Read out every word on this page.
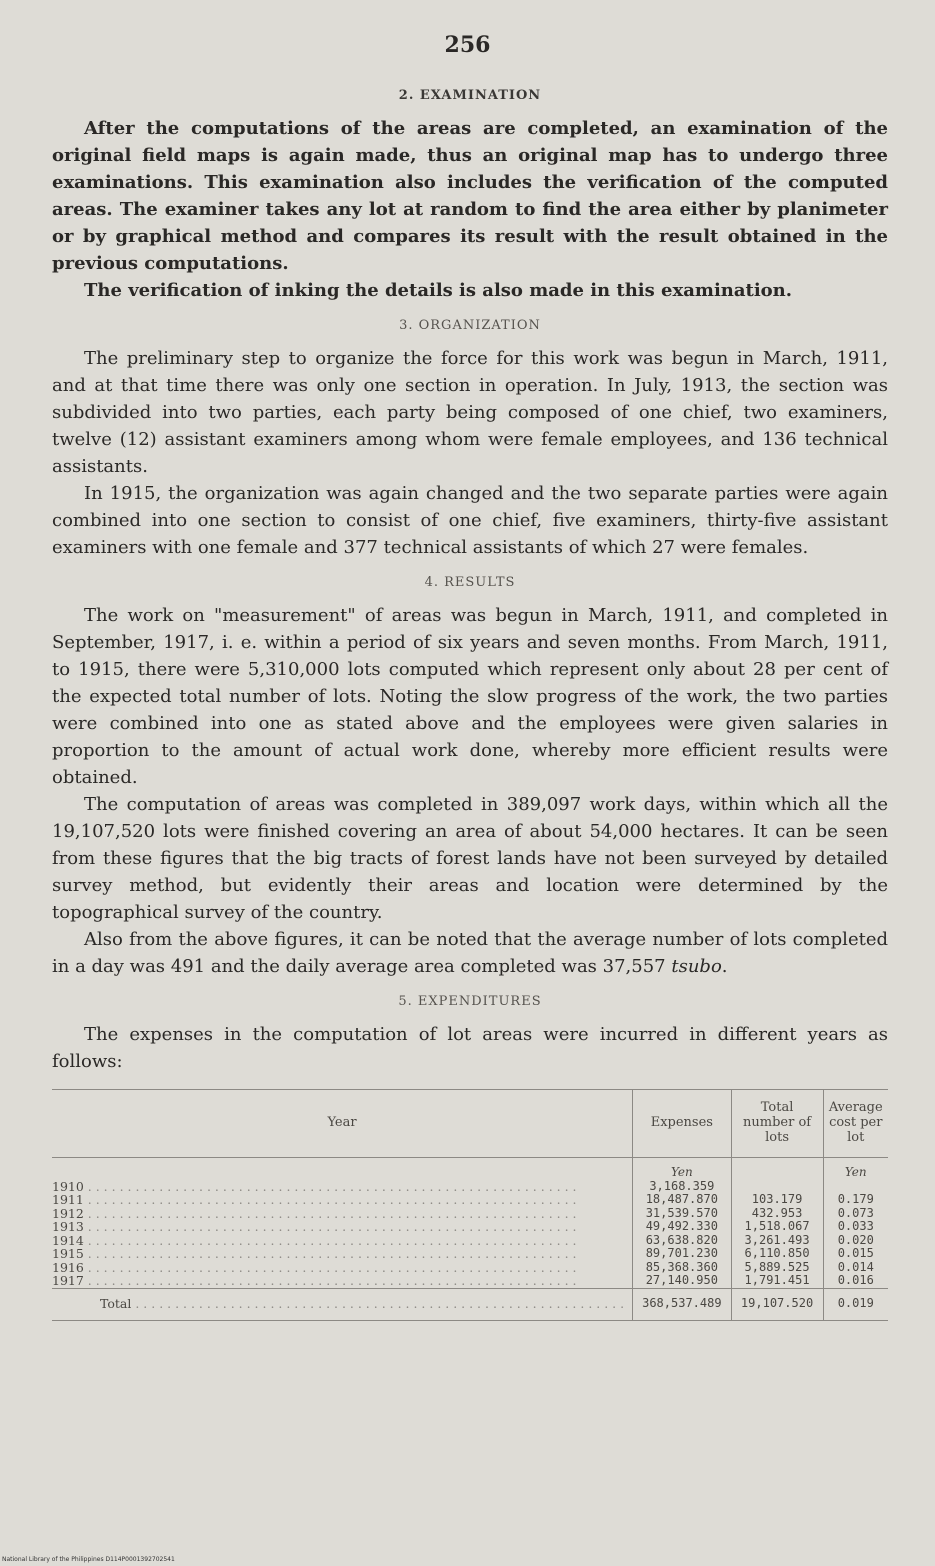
256
2. EXAMINATION

After the computations of the areas are completed, an examination of the original field maps is again made, thus an original map has to undergo three examinations. This examination also includes the verification of the computed areas. The examiner takes any lot at random to find the area either by planimeter or by graphical method and compares its result with the result obtained in the previous computations.

The verification of inking the details is also made in this examination.

3. ORGANIZATION

The preliminary step to organize the force for this work was begun in March, 1911, and at that time there was only one section in operation. In July, 1913, the section was subdivided into two parties, each party being composed of one chief, two examiners, twelve (12) assistant examiners among whom were female employees, and 136 technical assistants.

In 1915, the organization was again changed and the two separate parties were again combined into one section to consist of one chief, five examiners, thirty-five assistant examiners with one female and 377 technical assistants of which 27 were females.

4. RESULTS

The work on "measurement" of areas was begun in March, 1911, and completed in September, 1917, i. e. within a period of six years and seven months. From March, 1911, to 1915, there were 5,310,000 lots computed which represent only about 28 per cent of the expected total number of lots. Noting the slow progress of the work, the two parties were combined into one as stated above and the employees were given salaries in proportion to the amount of actual work done, whereby more efficient results were obtained.

The computation of areas was completed in 389,097 work days, within which all the 19,107,520 lots were finished covering an area of about 54,000 hectares. It can be seen from these figures that the big tracts of forest lands have not been surveyed by detailed survey method, but evidently their areas and location were determined by the topographical survey of the country.

Also from the above figures, it can be noted that the average number of lots completed in a day was 491 and the daily average area completed was 37,557 tsubo.

5. EXPENDITURES

The expenses in the computation of lot areas were incurred in different years as follows:

Year	Expenses	Total number of lots	Average cost per lot
	Yen		Yen
1910 . . .	3,168.359		
1911 . . .	18,487.870	103.179	0.179
1912 . . .	31,539.570	432.953	0.073
1913 . . .	49,492.330	1,518.067	0.033
1914 . . .	63,638.820	3,261.493	0.020
1915 . . .	89,701.230	6,110.850	0.015
1916 . . .	85,368.360	5,889.525	0.014
1917 . . .	27,140.950	1,791.451	0.016
Total . . .	368,537.489	19,107.520	0.019
National Library of the Philippines D114P0001392702541
